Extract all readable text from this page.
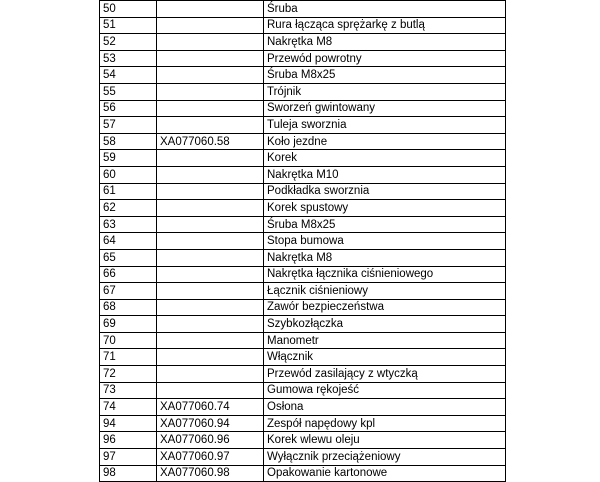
50		Śruba
51		Rura łącząca sprężarkę z butlą
52		Nakrętka M8
53		Przewód powrotny
54		Śruba M8x25
55		Trójnik
56		Sworzeń gwintowany
57		Tuleja sworznia
58	XA077060.58	Koło jezdne
59		Korek
60		Nakrętka M10
61		Podkładka sworznia
62		Korek spustowy
63		Śruba M8x25
64		Stopa bumowa
65		Nakrętka M8
66		Nakrętka łącznika ciśnieniowego
67		Łącznik ciśnieniowy
68		Zawór bezpieczeństwa
69		Szybkozłączka
70		Manometr
71		Włącznik
72		Przewód zasilający z wtyczką
73		Gumowa rękojeść
74	XA077060.74	Osłona
94	XA077060.94	Zespół napędowy kpl
96	XA077060.96	Korek wlewu oleju
97	XA077060.97	Wyłącznik przeciążeniowy
98	XA077060.98	Opakowanie kartonowe
